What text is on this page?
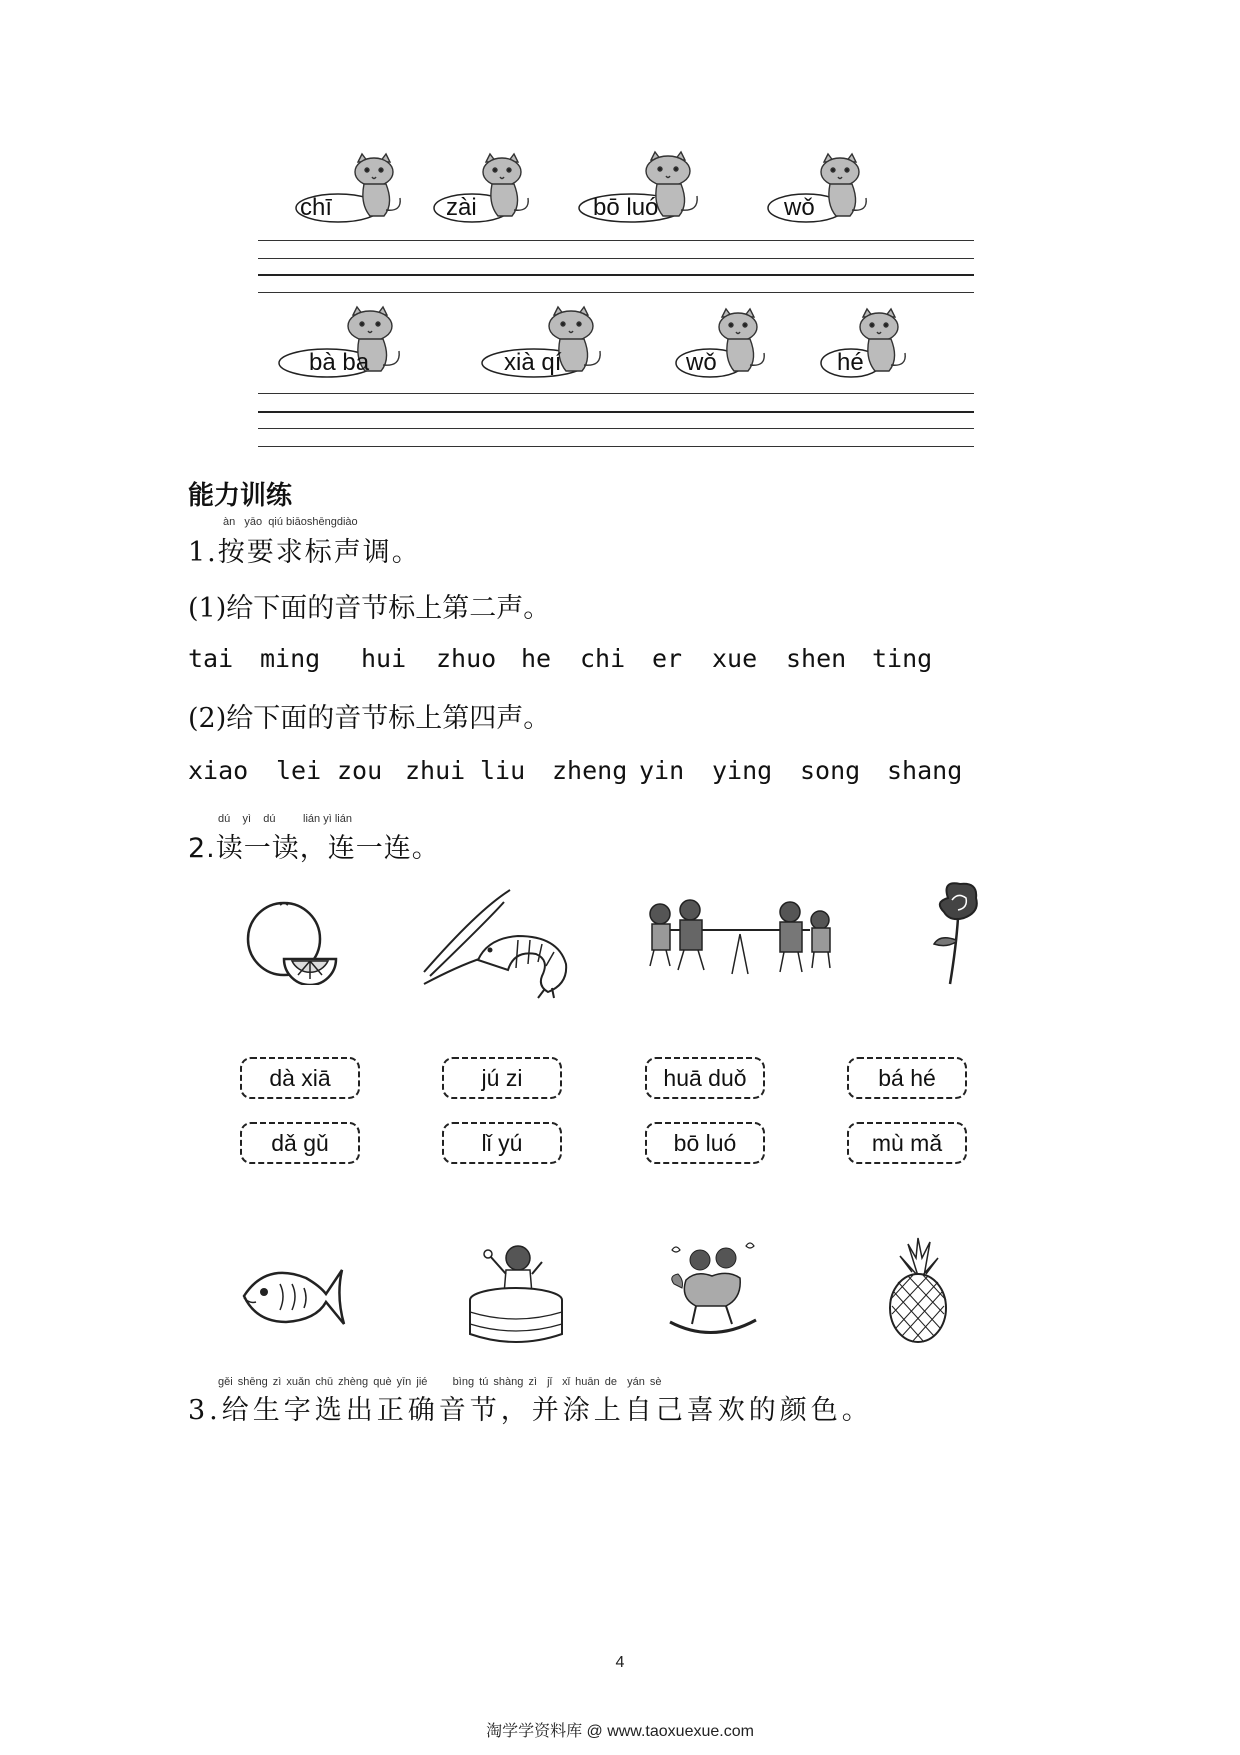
chī	zài	bō luó	wǒ
bà ba	xià qí	wǒ	hé
能力训练
àn yāo qiú biāoshēngdiào
1.按要求标声调。
(1)给下面的音节标上第二声。
tai ming hui zhuo he chi er xue shen ting
(2)给下面的音节标上第四声。
xiao lei zou zhui liu zheng yin ying song shang
dú yì dú	lián yì lián
2.读一读，连一连。
dà xiā	jú zi	huā duǒ	bá hé
dǎ gǔ	lǐ yú	bō luó	mù mǎ
gěi shēng zì xuǎn chū zhèng què yīn jié bìng tú shàng zì jǐ xǐ huān de yán sè
3.给生字选出正确音节，并涂上自己喜欢的颜色。
4
淘学学资料库 @ www.taoxuexue.com
